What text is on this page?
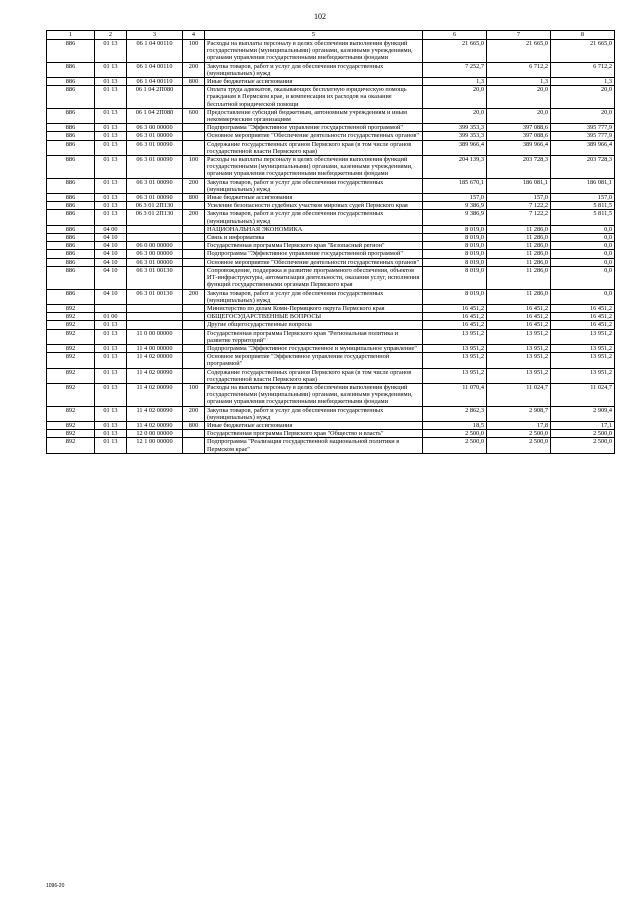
102
1	2	3	4	5	6	7	8
886	01 13	06 1 04 00110	100	Расходы на выплаты персоналу в целях обеспечения выполнения функций государственными (муниципальными) органами, казенными учреждениями, органами управления государственными внебюджетными фондами	21 665,0	21 665,0	21 665,0
886	01 13	06 1 04 00110	200	Закупка товаров, работ и услуг для обеспечения государственных (муниципальных) нужд	7 252,7	6 712,2	6 712,2
886	01 13	06 1 04 00110	800	Иные бюджетные ассигнования	1,3	1,3	1,3
886	01 13	06 1 04 2П080		Оплата труда адвокатов, оказывающих бесплатную юридическую помощь гражданам в Пермском крае, и компенсация их расходов на оказание бесплатной юридической помощи	20,0	20,0	20,0
886	01 13	06 1 04 2П080	600	Предоставление субсидий бюджетным, автономным учреждениям и иным некоммерческим организациям	20,0	20,0	20,0
886	01 13	06 3 00 00000		Подпрограмма "Эффективное управление государственной программой"	399 353,3	397 088,6	395 777,9
886	01 13	06 3 01 00000		Основное мероприятие "Обеспечение деятельности государственных органов"	399 353,3	397 088,6	395 777,9
886	01 13	06 3 01 00090		Содержание государственных органов Пермского края (в том числе органов государственной власти Пермского края)	389 966,4	389 966,4	389 966,4
886	01 13	06 3 01 00090	100	Расходы на выплаты персоналу в целях обеспечения выполнения функций государственными (муниципальными) органами, казенными учреждениями, органами управления государственными внебюджетными фондами	204 139,3	203 728,3	203 728,3
886	01 13	06 3 01 00090	200	Закупка товаров, работ и услуг для обеспечения государственных (муниципальных) нужд	185 670,1	186 081,1	186 081,1
886	01 13	06 3 01 00090	800	Иные бюджетные ассигнования	157,0	157,0	157,0
886	01 13	06 3 01 2П130		Усиление безопасности судебных участков мировых судей Пермского края	9 386,9	7 122,2	5 811,5
886	01 13	06 3 01 2П130	200	Закупка товаров, работ и услуг для обеспечения государственных (муниципальных) нужд	9 386,9	7 122,2	5 811,5
886	04 00			НАЦИОНАЛЬНАЯ ЭКОНОМИКА	8 019,0	11 286,0	0,0
886	04 10			Связь и информатика	8 019,0	11 286,0	0,0
886	04 10	06 0 00 00000		Государственная программа Пермского края "Безопасный регион"	8 019,0	11 286,0	0,0
886	04 10	06 3 00 00000		Подпрограмма "Эффективное управление государственной программой"	8 019,0	11 286,0	0,0
886	04 10	06 3 01 00000		Основное мероприятие "Обеспечение деятельности государственных органов"	8 019,0	11 286,0	0,0
886	04 10	06 3 01 00130		Сопровождение, поддержка и развитие программного обеспечения, объектов ИТ-инфраструктуры, автоматизация деятельности, оказания услуг, исполнения функций государственными органами Пермского края	8 019,0	11 286,0	0,0
886	04 10	06 3 01 00130	200	Закупка товаров, работ и услуг для обеспечения государственных (муниципальных) нужд	8 019,0	11 286,0	0,0
892				Министерство по делам Коми-Пермяцкого округа Пермского края	16 451,2	16 451,2	16 451,2
892	01 00			ОБЩЕГОСУДАРСТВЕННЫЕ ВОПРОСЫ	16 451,2	16 451,2	16 451,2
892	01 13			Другие общегосударственные вопросы	16 451,2	16 451,2	16 451,2
892	01 13	11 0 00 00000		Государственная программа Пермского края "Региональная политика и развитие территорий"	13 951,2	13 951,2	13 951,2
892	01 13	11 4 00 00000		Подпрограмма "Эффективное государственное и муниципальное управление"	13 951,2	13 951,2	13 951,2
892	01 13	11 4 02 00000		Основное мероприятие "Эффективное управление государственной программой"	13 951,2	13 951,2	13 951,2
892	01 13	11 4 02 00090		Содержание государственных органов Пермского края (в том числе органов государственной власти Пермского края)	13 951,2	13 951,2	13 951,2
892	01 13	11 4 02 00090	100	Расходы на выплаты персоналу в целях обеспечения выполнения функций государственными (муниципальными) органами, казенными учреждениями, органами управления государственными внебюджетными фондами	11 070,4	11 024,7	11 024,7
892	01 13	11 4 02 00090	200	Закупка товаров, работ и услуг для обеспечения государственных (муниципальных) нужд	2 862,3	2 908,7	2 909,4
892	01 13	11 4 02 00090	800	Иные бюджетные ассигнования	18,5	17,8	17,1
892	01 13	12 0 00 00000		Государственная программа Пермского края "Общество и власть"	2 500,0	2 500,0	2 500,0
892	01 13	12 1 00 00000		Подпрограмма "Реализация государственной национальной политики в Пермском крае"	2 500,0	2 500,0	2 500,0
1096-20
